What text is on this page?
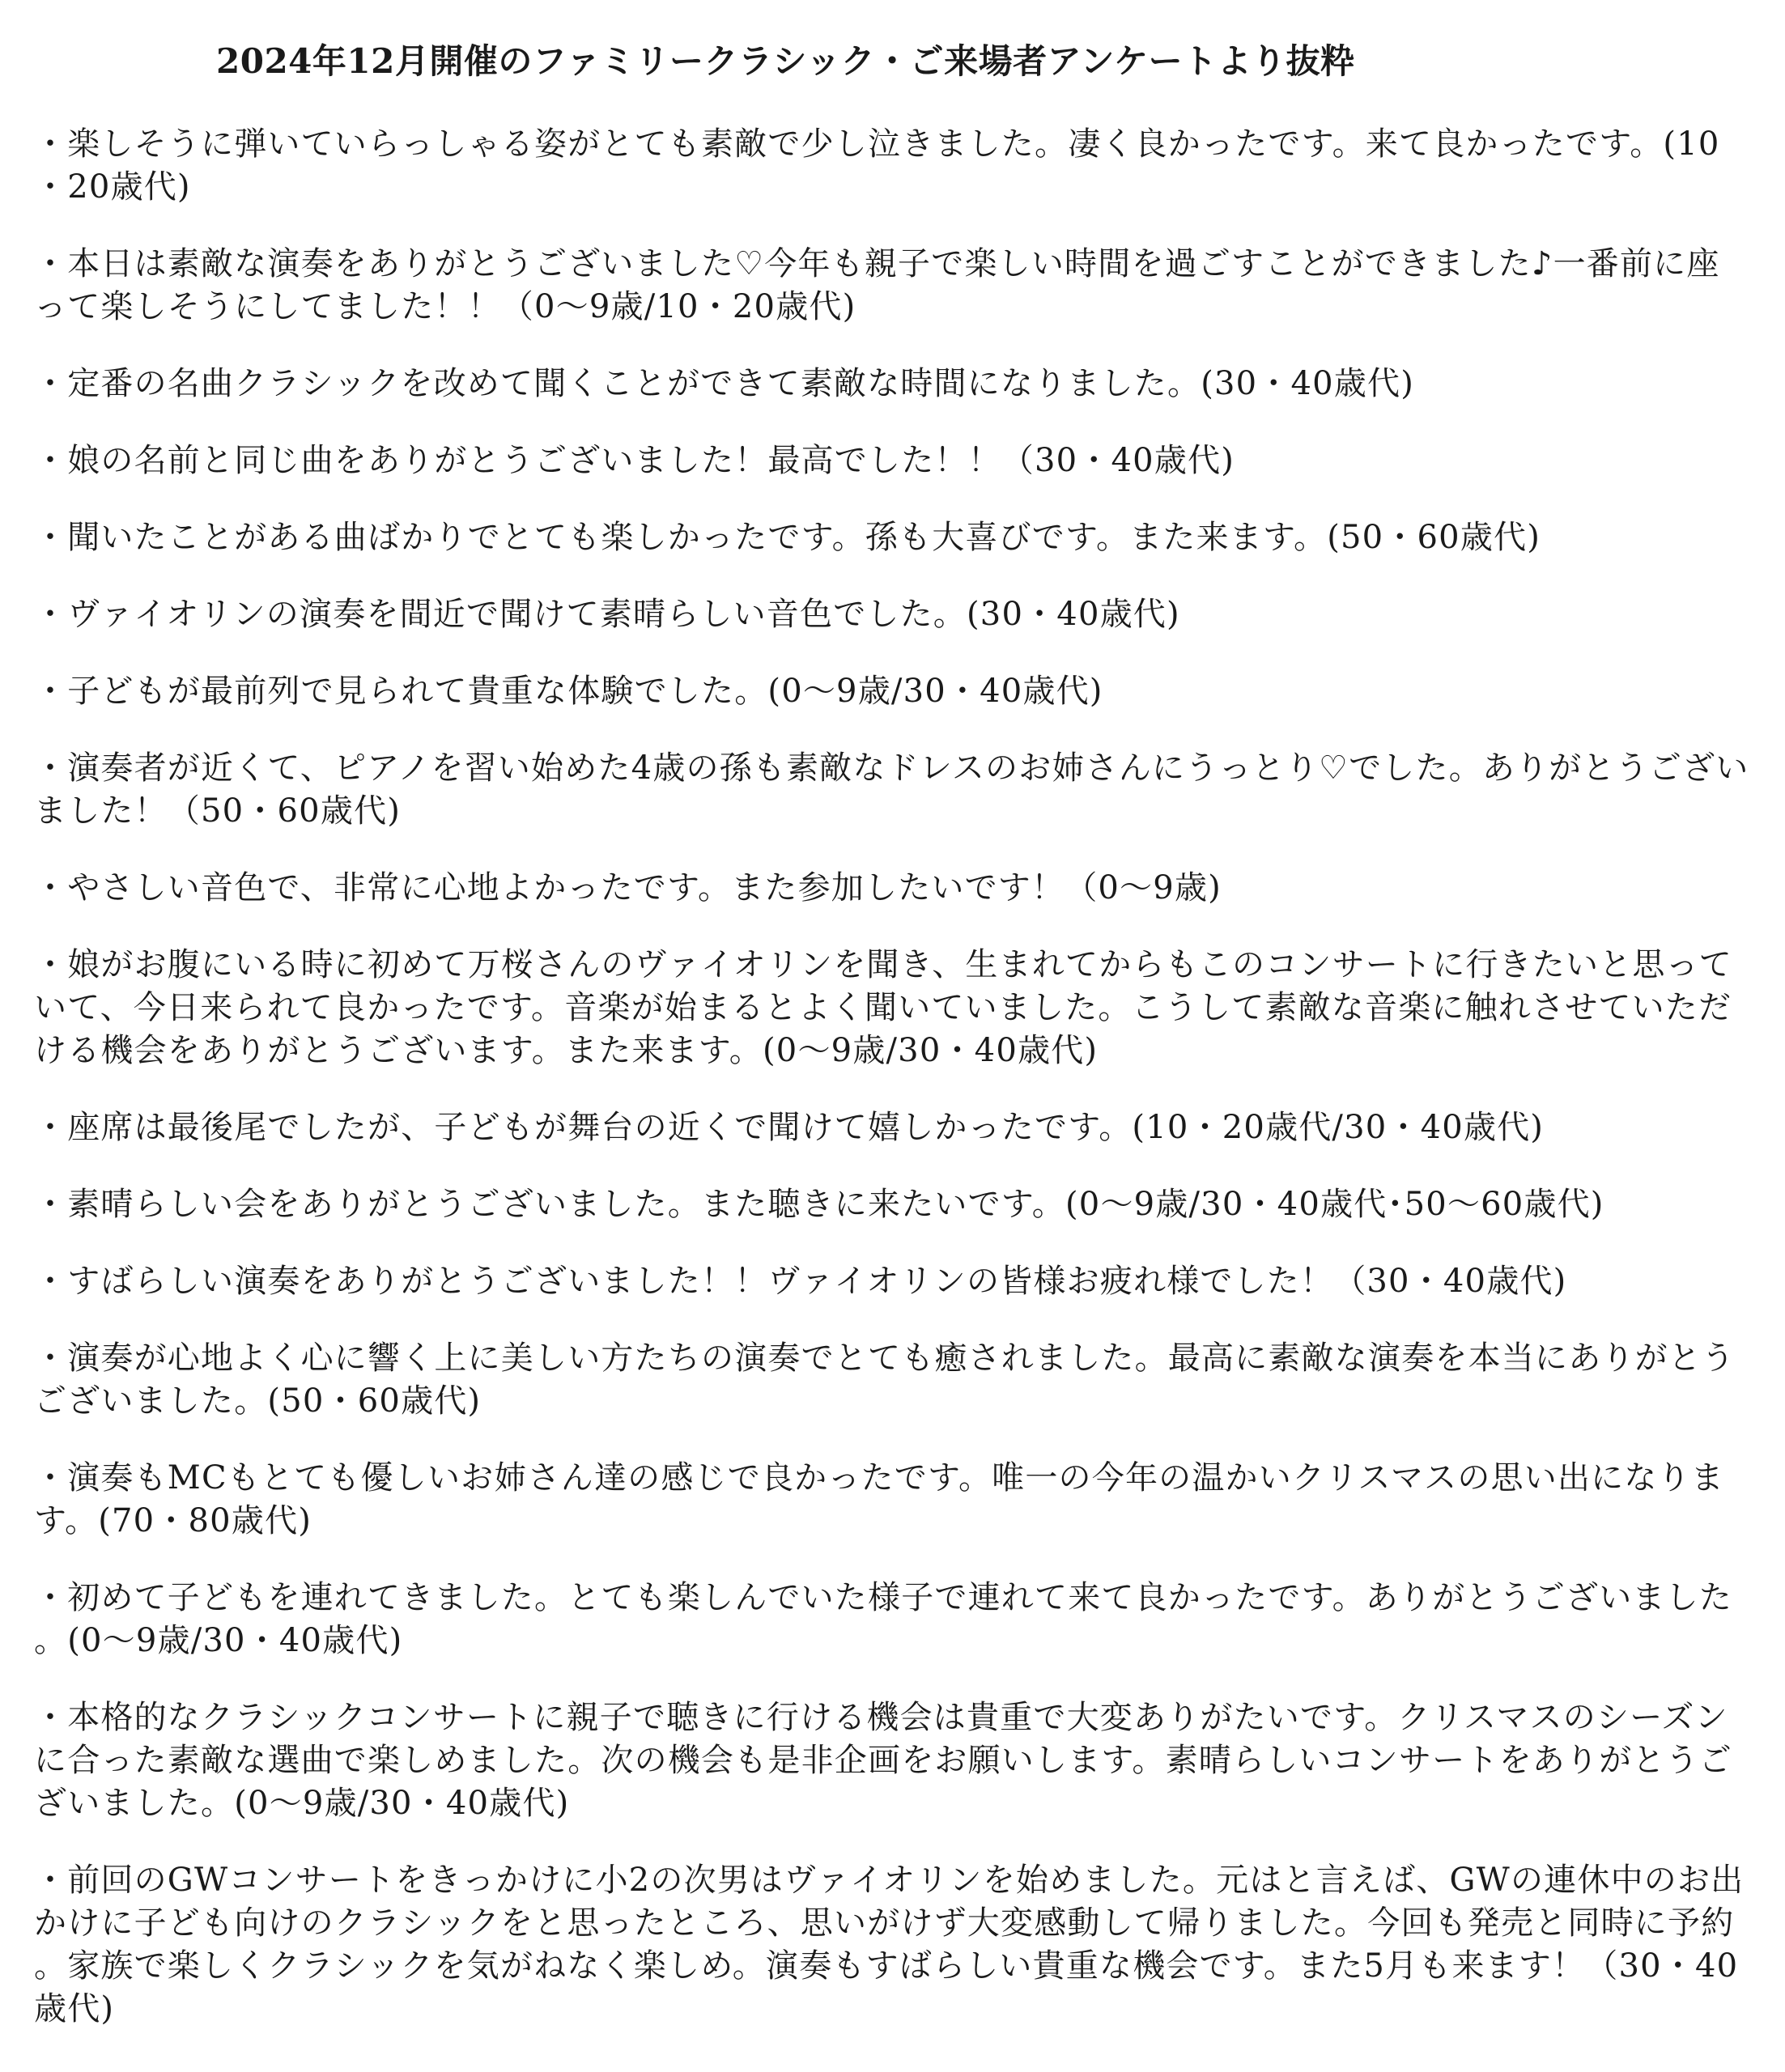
2024年12月開催のファミリークラシック・ご来場者アンケートより抜粋
・楽しそうに弾いていらっしゃる姿がとても素敵で少し泣きました。凄く良かったです。来て良かったです。(10・20歳代)
・本日は素敵な演奏をありがとうございました♡今年も親子で楽しい時間を過ごすことができました♪一番前に座って楽しそうにしてました！！（0〜9歳/10・20歳代)
・定番の名曲クラシックを改めて聞くことができて素敵な時間になりました。(30・40歳代)
・娘の名前と同じ曲をありがとうございました！最高でした！！（30・40歳代)
・聞いたことがある曲ばかりでとても楽しかったです。孫も大喜びです。また来ます。(50・60歳代)
・ヴァイオリンの演奏を間近で聞けて素晴らしい音色でした。(30・40歳代)
・子どもが最前列で見られて貴重な体験でした。(0〜9歳/30・40歳代)
・演奏者が近くて、ピアノを習い始めた4歳の孫も素敵なドレスのお姉さんにうっとり♡でした。ありがとうございました！（50・60歳代)
・やさしい音色で、非常に心地よかったです。また参加したいです！（0〜9歳)
・娘がお腹にいる時に初めて万桜さんのヴァイオリンを聞き、生まれてからもこのコンサートに行きたいと思っていて、今日来られて良かったです。音楽が始まるとよく聞いていました。こうして素敵な音楽に触れさせていただける機会をありがとうございます。また来ます。(0〜9歳/30・40歳代)
・座席は最後尾でしたが、子どもが舞台の近くで聞けて嬉しかったです。(10・20歳代/30・40歳代)
・素晴らしい会をありがとうございました。また聴きに来たいです。(0〜9歳/30・40歳代･50〜60歳代)
・すばらしい演奏をありがとうございました！！ヴァイオリンの皆様お疲れ様でした！（30・40歳代)
・演奏が心地よく心に響く上に美しい方たちの演奏でとても癒されました。最高に素敵な演奏を本当にありがとうございました。(50・60歳代)
・演奏もMCもとても優しいお姉さん達の感じで良かったです。唯一の今年の温かいクリスマスの思い出になります。(70・80歳代)
・初めて子どもを連れてきました。とても楽しんでいた様子で連れて来て良かったです。ありがとうございました。(0〜9歳/30・40歳代)
・本格的なクラシックコンサートに親子で聴きに行ける機会は貴重で大変ありがたいです。クリスマスのシーズンに合った素敵な選曲で楽しめました。次の機会も是非企画をお願いします。素晴らしいコンサートをありがとうございました。(0〜9歳/30・40歳代)
・前回のGWコンサートをきっかけに小2の次男はヴァイオリンを始めました。元はと言えば、GWの連休中のお出かけに子ども向けのクラシックをと思ったところ、思いがけず大変感動して帰りました。今回も発売と同時に予約。家族で楽しくクラシックを気がねなく楽しめ。演奏もすばらしい貴重な機会です。また5月も来ます！（30・40歳代)
